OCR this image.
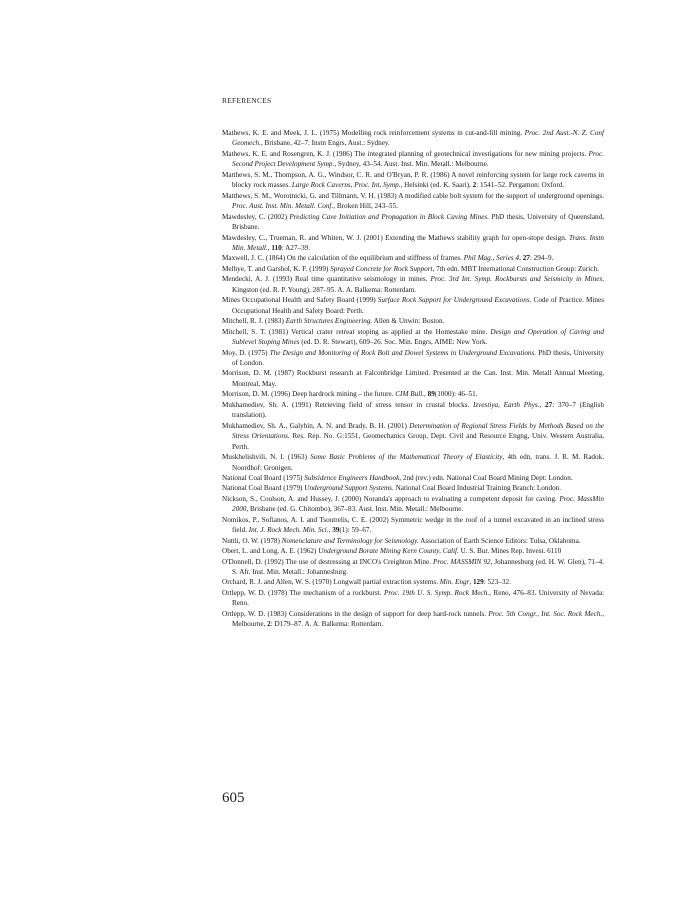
REFERENCES

Mathews, K. E. and Meek, J. L. (1975) Modelling rock reinforcement systems in cut-and-fill mining. Proc. 2nd Aust.-N. Z. Conf Geomech., Brisbane, 42–7. Instn Engrs, Aust.: Sydney.

Mathews, K. E. and Rosengren, K. J. (1986) The integrated planning of geotechnical investigations for new mining projects. Proc. Second Project Development Symp., Sydney, 43–54. Aust. Inst. Min. Metall.: Melbourne.

Matthews, S. M., Thompson, A. G., Windsor, C. R. and O'Bryan, P. R. (1986) A novel reinforcing system for large rock caverns in blocky rock masses. Large Rock Caverns, Proc. Int, Symp., Helsinki (ed. K. Saari), 2: 1541–52. Pergamon: Oxford.

Matthews, S. M., Worotnicki, G. and Tillmann, V. H. (1983) A modified cable bolt system for the support of underground openings. Proc. Aust. Inst. Min. Metall. Conf., Broken Hill, 243–55.

Mawdesley, C. (2002) Predicting Cave Initiation and Propagation in Block Caving Mines. PhD thesis, University of Queensland, Brisbane.

Mawdesley, C., Trueman, R. and Whiten, W. J. (2001) Extending the Mathews stability graph for open-stope design. Trans. Instn Min. Metall., 110: A27–39.

Maxwell, J. C. (1864) On the calculation of the equilibrium and stiffness of frames. Phil Mag., Series 4, 27: 294–9.

Melbye, T. and Garshol, K. F. (1999) Sprayed Concrete for Rock Support, 7th edn. MBT International Construction Group: Zurich.

Mendecki, A. J. (1993) Real time quantitative seismology in mines. Proc. 3rd Int. Symp. Rockbursts and Seismicity in Mines, Kingston (ed. R. P. Young), 287–95. A. A. Balkema: Rotterdam.

Mines Occupational Health and Safety Board (1999) Surface Rock Support for Underground Excavations. Code of Practice. Mines Occupational Health and Safety Board: Perth.

Mitchell, R. J. (1983) Earth Structures Engineering. Allen & Unwin: Boston.

Mitchell, S. T. (1981) Vertical crater retreat stoping as applied at the Homestake mine. Design and Operation of Caving and Sublevel Stoping Mines (ed. D. R. Stewart), 609–26. Soc. Min. Engrs, AIME: New York.

Moy, D. (1975) The Design and Monitoring of Rock Bolt and Dowel Systems in Underground Excavations. PhD thesis, University of London.

Morrison, D. M. (1987) Rockburst research at Falconbridge Limited. Presented at the Can. Inst. Min. Metall Annual Meeting, Montreal, May.

Morrison, D. M. (1996) Deep hardrock mining – the future. CIM Bull., 89(1000): 46–51.

Mukhamediev, Sh. A. (1991) Retrieving field of stress tensor in crustal blocks. Izvestiya, Earth Phys., 27: 370–7 (English translation).

Mukhamediev, Sh. A., Galybin, A. N. and Brady, B. H. (2001) Determination of Regional Stress Fields by Methods Based on the Stress Orientations. Res. Rep. No. G:1551, Geomechanics Group, Dept. Civil and Resource Engng, Univ. Western Australia, Perth.

Muskhelishvili, N. I. (1963) Some Basic Problems of the Mathematical Theory of Elasticity, 4th edn, trans. J. R. M. Radok. Noordhof: Gronigen.

National Coal Board (1975) Subsidence Engineers Handbook, 2nd (rev.) edn. National Coal Board Mining Dept: London.

National Coal Board (1979) Underground Support Systems. National Coal Board Industrial Training Branch: London.

Nickson, S., Coulson, A. and Hussey, J. (2000) Noranda's approach to evaluating a competent deposit for caving. Proc. MassMin 2000, Brisbane (ed. G. Chitombo), 367–83. Aust. Inst. Min. Metall.: Melbourne.

Nomikos, P., Sofianos, A. I. and Tsoutrelis, C. E. (2002) Symmetric wedge in the roof of a tunnel excavated in an inclined stress field. Int. J. Rock Mech. Min. Sci., 39(1): 59–67.

Nuttli, O. W. (1978) Nomenclature and Terminology for Seismology. Association of Earth Science Editors: Tulsa, Oklahoma.

Obert, L. and Long, A. E. (1962) Underground Borate Mining Kern County, Calif. U. S. Bur. Mines Rep. Invest. 6110

O'Donnell, D. (1992) The use of destressing at INCO's Creighton Mine. Proc. MASSMIN 92, Johannesburg (ed. H. W. Glen), 71–4. S. Afr. Inst. Min. Metall.: Johannesburg.

Orchard, R. J. and Allen, W. S. (1970) Longwall partial extraction systems. Min. Engr, 129: 523–32.

Ortlepp, W. D. (1978) The mechanism of a rockburst. Proc. 19th U. S. Symp. Rock Mech., Reno, 476–83. University of Nevada: Reno.

Ortlepp, W. D. (1983) Considerations in the design of support for deep hard-rock tunnels. Proc. 5th Congr., Int. Soc. Rock Mech., Melbourne, 2: D179–87. A. A. Balkema: Rotterdam.

605
